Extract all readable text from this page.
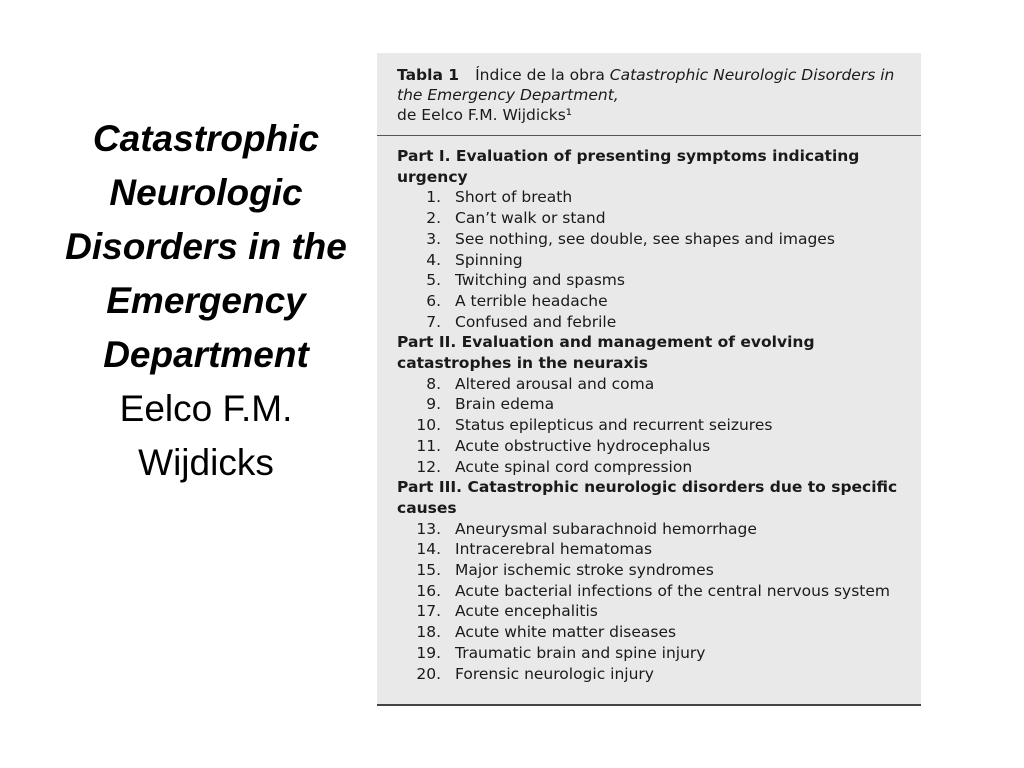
Catastrophic
Neurologic
Disorders in the
Emergency
Department
Eelco F.M.
Wijdicks
Tabla 1 Índice de la obra Catastrophic Neurologic Disorders in the Emergency Department,
de Eelco F.M. Wijdicks¹
Part I. Evaluation of presenting symptoms indicating urgency
1. Short of breath
2. Can’t walk or stand
3. See nothing, see double, see shapes and images
4. Spinning
5. Twitching and spasms
6. A terrible headache
7. Confused and febrile
Part II. Evaluation and management of evolving catastrophes in the neuraxis
8. Altered arousal and coma
9. Brain edema
10. Status epilepticus and recurrent seizures
11. Acute obstructive hydrocephalus
12. Acute spinal cord compression
Part III. Catastrophic neurologic disorders due to specific causes
13. Aneurysmal subarachnoid hemorrhage
14. Intracerebral hematomas
15. Major ischemic stroke syndromes
16. Acute bacterial infections of the central nervous system
17. Acute encephalitis
18. Acute white matter diseases
19. Traumatic brain and spine injury
20. Forensic neurologic injury
